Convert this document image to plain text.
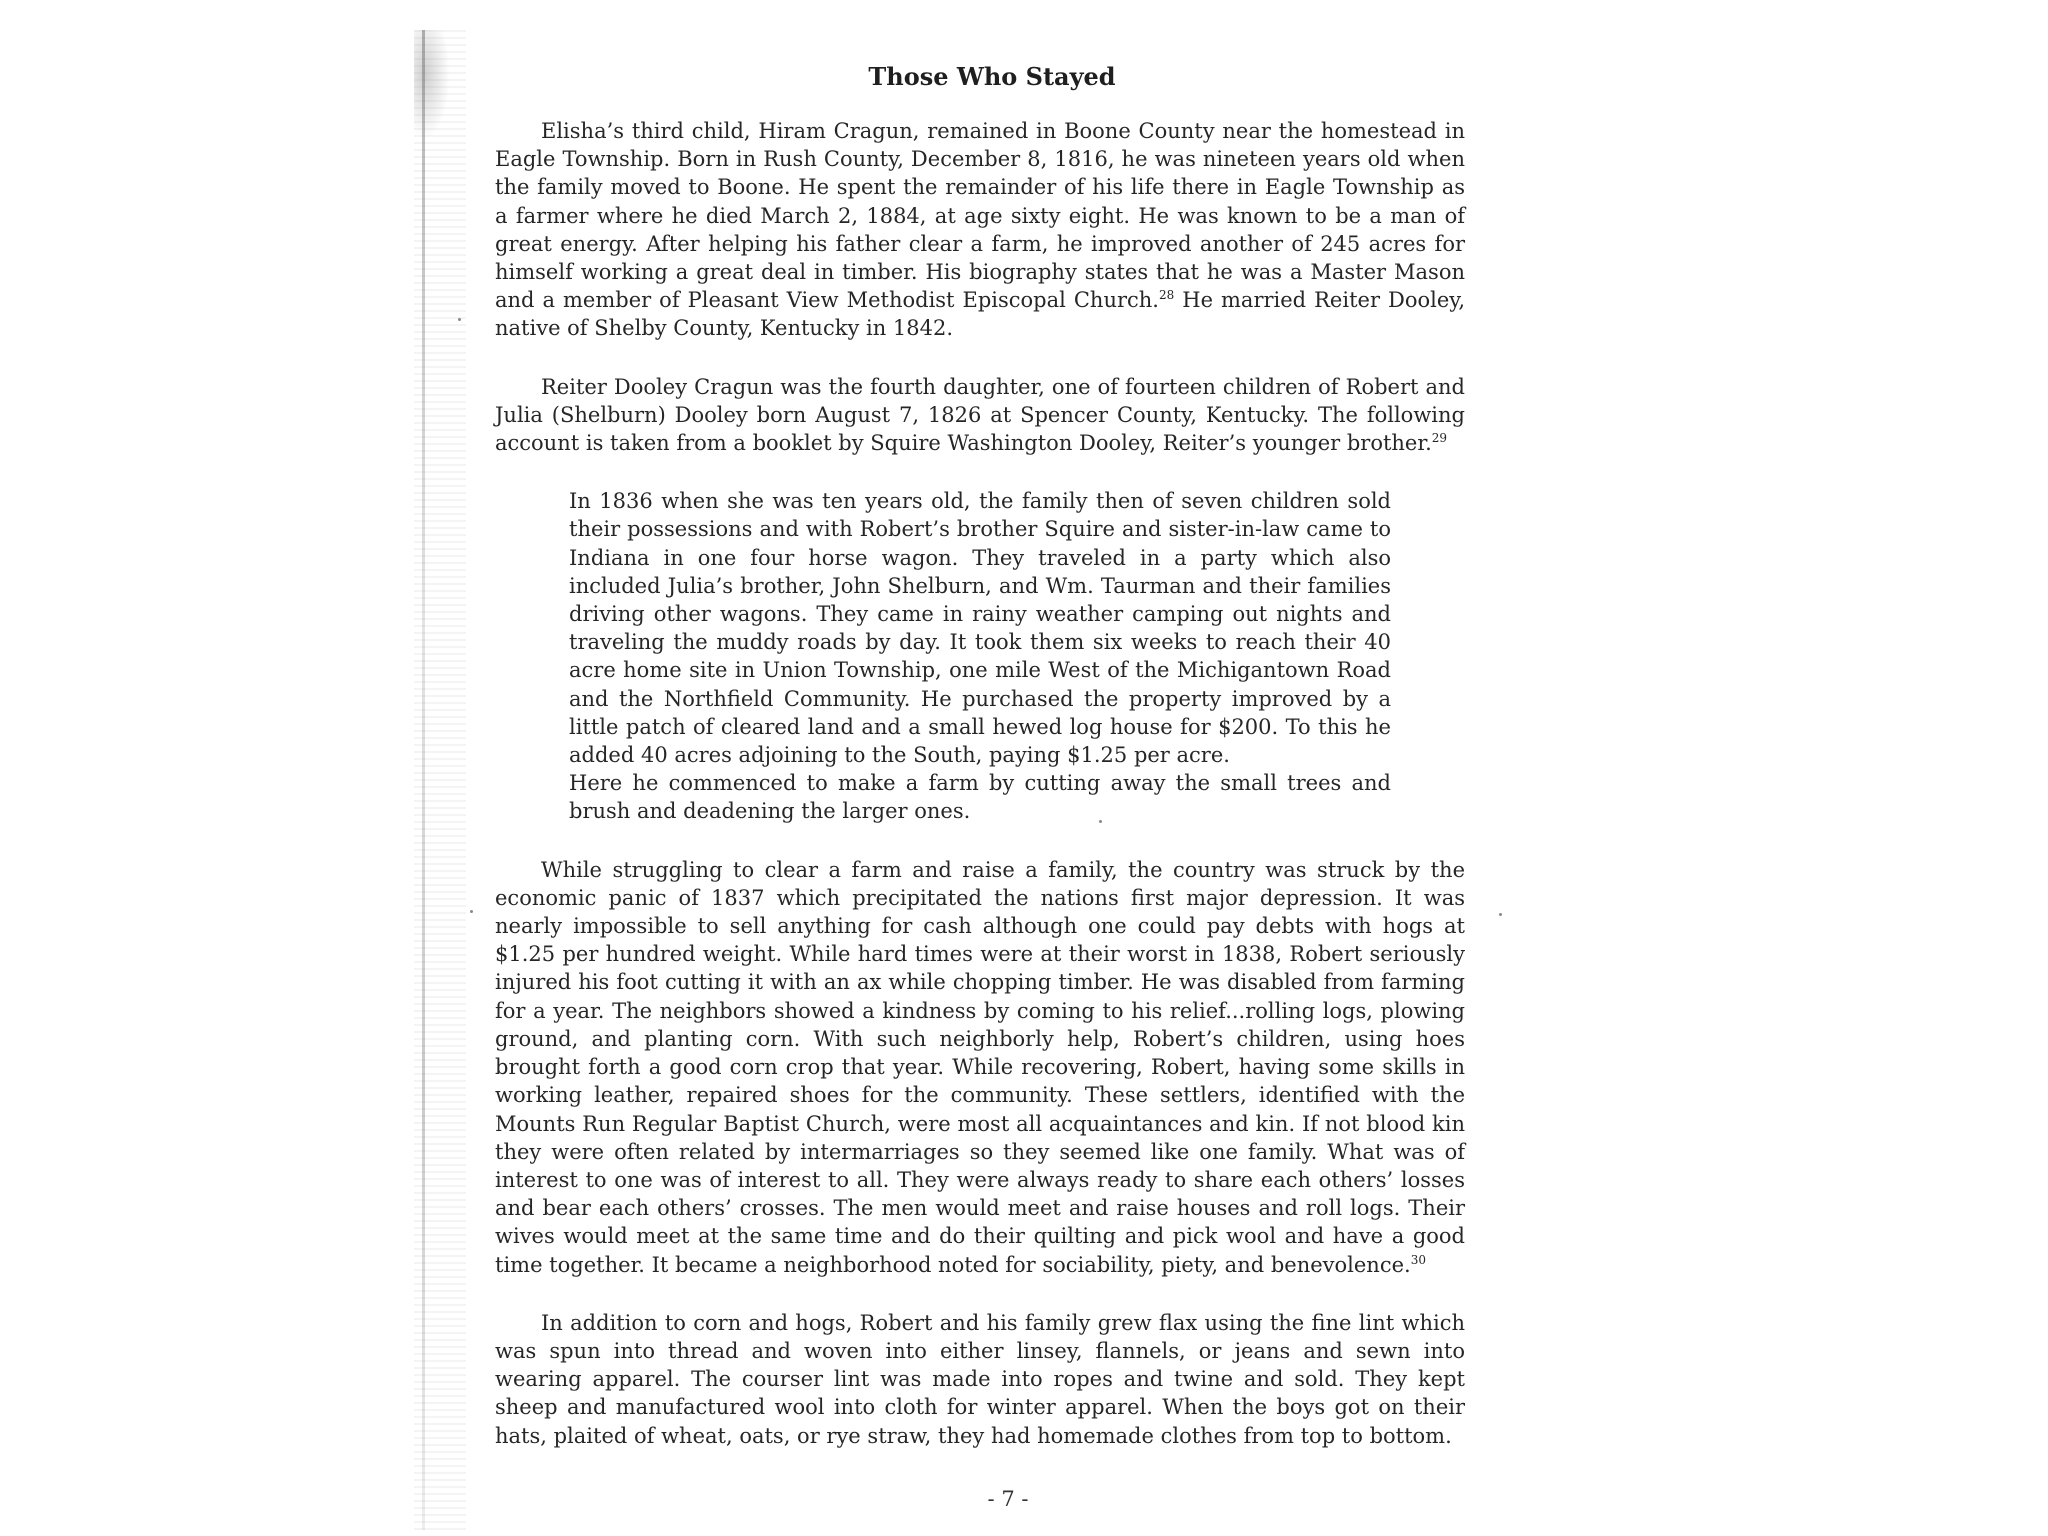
Those Who Stayed

Elisha’s third child, Hiram Cragun, remained in Boone County near the homestead in Eagle Township. Born in Rush County, December 8, 1816, he was nineteen years old when the family moved to Boone. He spent the remainder of his life there in Eagle Township as a farmer where he died March 2, 1884, at age sixty eight. He was known to be a man of great energy. After helping his father clear a farm, he improved another of 245 acres for himself working a great deal in timber. His biography states that he was a Master Mason and a member of Pleasant View Methodist Episcopal Church.$^{28}$ He married Reiter Dooley, native of Shelby County, Kentucky in 1842.

Reiter Dooley Cragun was the fourth daughter, one of fourteen children of Robert and Julia (Shelburn) Dooley born August 7, 1826 at Spencer County, Kentucky. The following account is taken from a booklet by Squire Washington Dooley, Reiter’s younger brother.$^{29}$

In 1836 when she was ten years old, the family then of seven children sold their possessions and with Robert’s brother Squire and sister-in-law came to Indiana in one four horse wagon. They traveled in a party which also included Julia’s brother, John Shelburn, and Wm. Taurman and their families driving other wagons. They came in rainy weather camping out nights and traveling the muddy roads by day. It took them six weeks to reach their 40 acre home site in Union Township, one mile West of the Michigantown Road and the Northfield Community. He purchased the property improved by a little patch of cleared land and a small hewed log house for $200. To this he added 40 acres adjoining to the South, paying $1.25 per acre.

Here he commenced to make a farm by cutting away the small trees and brush and deadening the larger ones.

While struggling to clear a farm and raise a family, the country was struck by the economic panic of 1837 which precipitated the nations first major depression. It was nearly impossible to sell anything for cash although one could pay debts with hogs at $1.25 per hundred weight. While hard times were at their worst in 1838, Robert seriously injured his foot cutting it with an ax while chopping timber. He was disabled from farming for a year. The neighbors showed a kindness by coming to his relief...rolling logs, plowing ground, and planting corn. With such neighborly help, Robert’s children, using hoes brought forth a good corn crop that year. While recovering, Robert, having some skills in working leather, repaired shoes for the community. These settlers, identified with the Mounts Run Regular Baptist Church, were most all acquaintances and kin. If not blood kin they were often related by intermarriages so they seemed like one family. What was of interest to one was of interest to all. They were always ready to share each others’ losses and bear each others’ crosses. The men would meet and raise houses and roll logs. Their wives would meet at the same time and do their quilting and pick wool and have a good time together. It became a neighborhood noted for sociability, piety, and benevolence.$^{30}$

In addition to corn and hogs, Robert and his family grew flax using the fine lint which was spun into thread and woven into either linsey, flannels, or jeans and sewn into wearing apparel. The courser lint was made into ropes and twine and sold. They kept sheep and manufactured wool into cloth for winter apparel. When the boys got on their hats, plaited of wheat, oats, or rye straw, they had homemade clothes from top to bottom.

- 7 -
